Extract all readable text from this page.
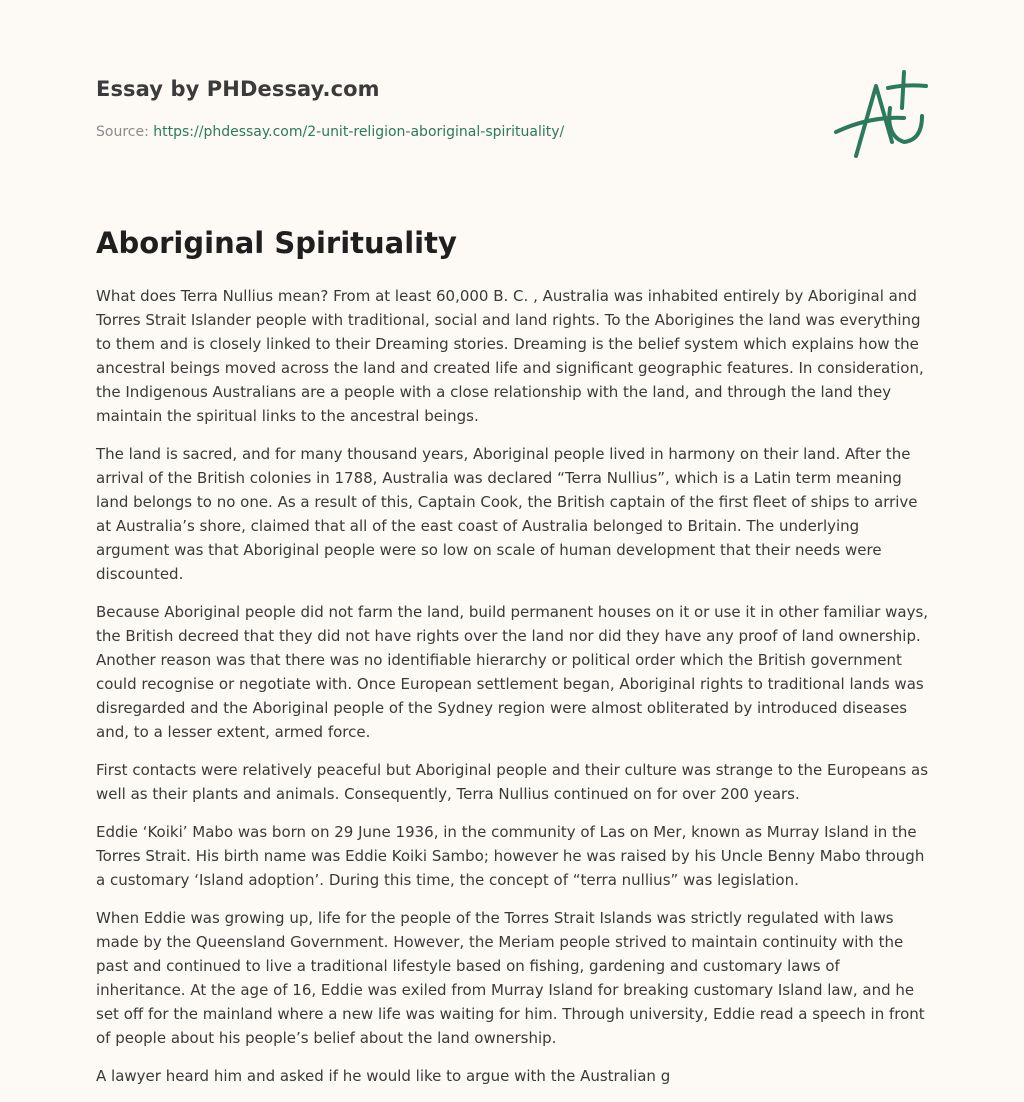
Essay by PHDessay.com
Source: https://phdessay.com/2-unit-religion-aboriginal-spirituality/
Aboriginal Spirituality

What does Terra Nullius mean? From at least 60,000 B. C. , Australia was inhabited entirely by Aboriginal and Torres Strait Islander people with traditional, social and land rights. To the Aborigines the land was everything to them and is closely linked to their Dreaming stories. Dreaming is the belief system which explains how the ancestral beings moved across the land and created life and significant geographic features. In consideration, the Indigenous Australians are a people with a close relationship with the land, and through the land they maintain the spiritual links to the ancestral beings.

The land is sacred, and for many thousand years, Aboriginal people lived in harmony on their land. After the arrival of the British colonies in 1788, Australia was declared “Terra Nullius”, which is a Latin term meaning land belongs to no one. As a result of this, Captain Cook, the British captain of the first fleet of ships to arrive at Australia’s shore, claimed that all of the east coast of Australia belonged to Britain. The underlying argument was that Aboriginal people were so low on scale of human development that their needs were discounted.

Because Aboriginal people did not farm the land, build permanent houses on it or use it in other familiar ways, the British decreed that they did not have rights over the land nor did they have any proof of land ownership. Another reason was that there was no identifiable hierarchy or political order which the British government could recognise or negotiate with. Once European settlement began, Aboriginal rights to traditional lands was disregarded and the Aboriginal people of the Sydney region were almost obliterated by introduced diseases and, to a lesser extent, armed force.

First contacts were relatively peaceful but Aboriginal people and their culture was strange to the Europeans as well as their plants and animals. Consequently, Terra Nullius continued on for over 200 years.

Eddie ‘Koiki’ Mabo was born on 29 June 1936, in the community of Las on Mer, known as Murray Island in the Torres Strait. His birth name was Eddie Koiki Sambo; however he was raised by his Uncle Benny Mabo through a customary ‘Island adoption’. During this time, the concept of “terra nullius” was legislation.

When Eddie was growing up, life for the people of the Torres Strait Islands was strictly regulated with laws made by the Queensland Government. However, the Meriam people strived to maintain continuity with the past and continued to live a traditional lifestyle based on fishing, gardening and customary laws of inheritance. At the age of 16, Eddie was exiled from Murray Island for breaking customary Island law, and he set off for the mainland where a new life was waiting for him. Through university, Eddie read a speech in front of people about his people’s belief about the land ownership.

A lawyer heard him and asked if he would like to argue with the Australian g
